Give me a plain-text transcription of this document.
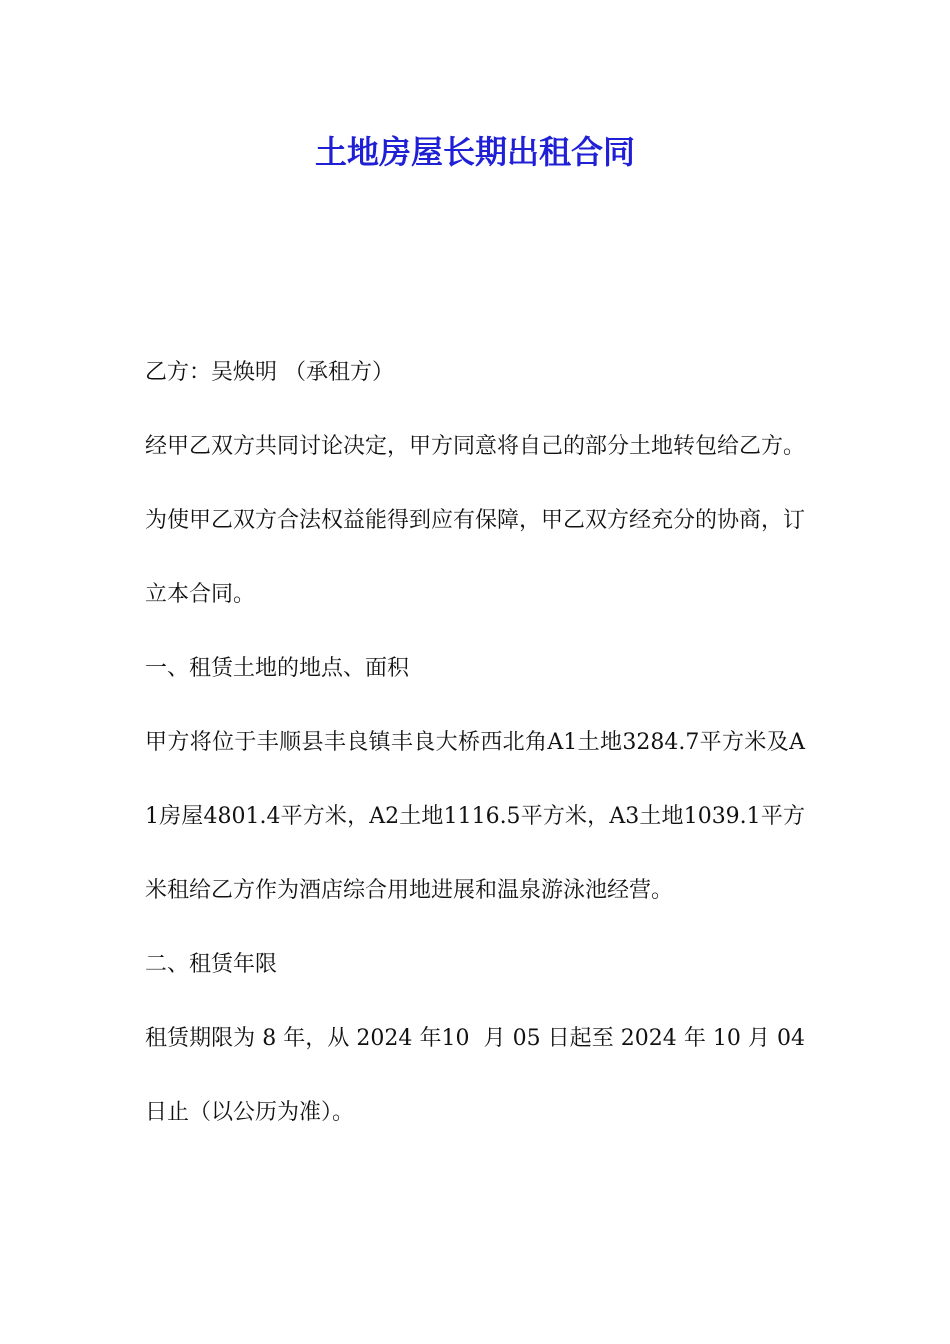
土地房屋长期出租合同

乙方：吴焕明 （承租方）

经甲乙双方共同讨论决定，甲方同意将自己的部分土地转包给乙方。为使甲乙双方合法权益能得到应有保障，甲乙双方经充分的协商，订立本合同。

一、租赁土地的地点、面积

甲方将位于丰顺县丰良镇丰良大桥西北角A1土地3284.7平方米及A1房屋4801.4平方米，A2土地1116.5平方米，A3土地1039.1平方米租给乙方作为酒店综合用地进展和温泉游泳池经营。

二、租赁年限

租赁期限为 8 年，从 2024 年10  月 05 日起至 2024 年 10 月 04 日止（以公历为准）。
